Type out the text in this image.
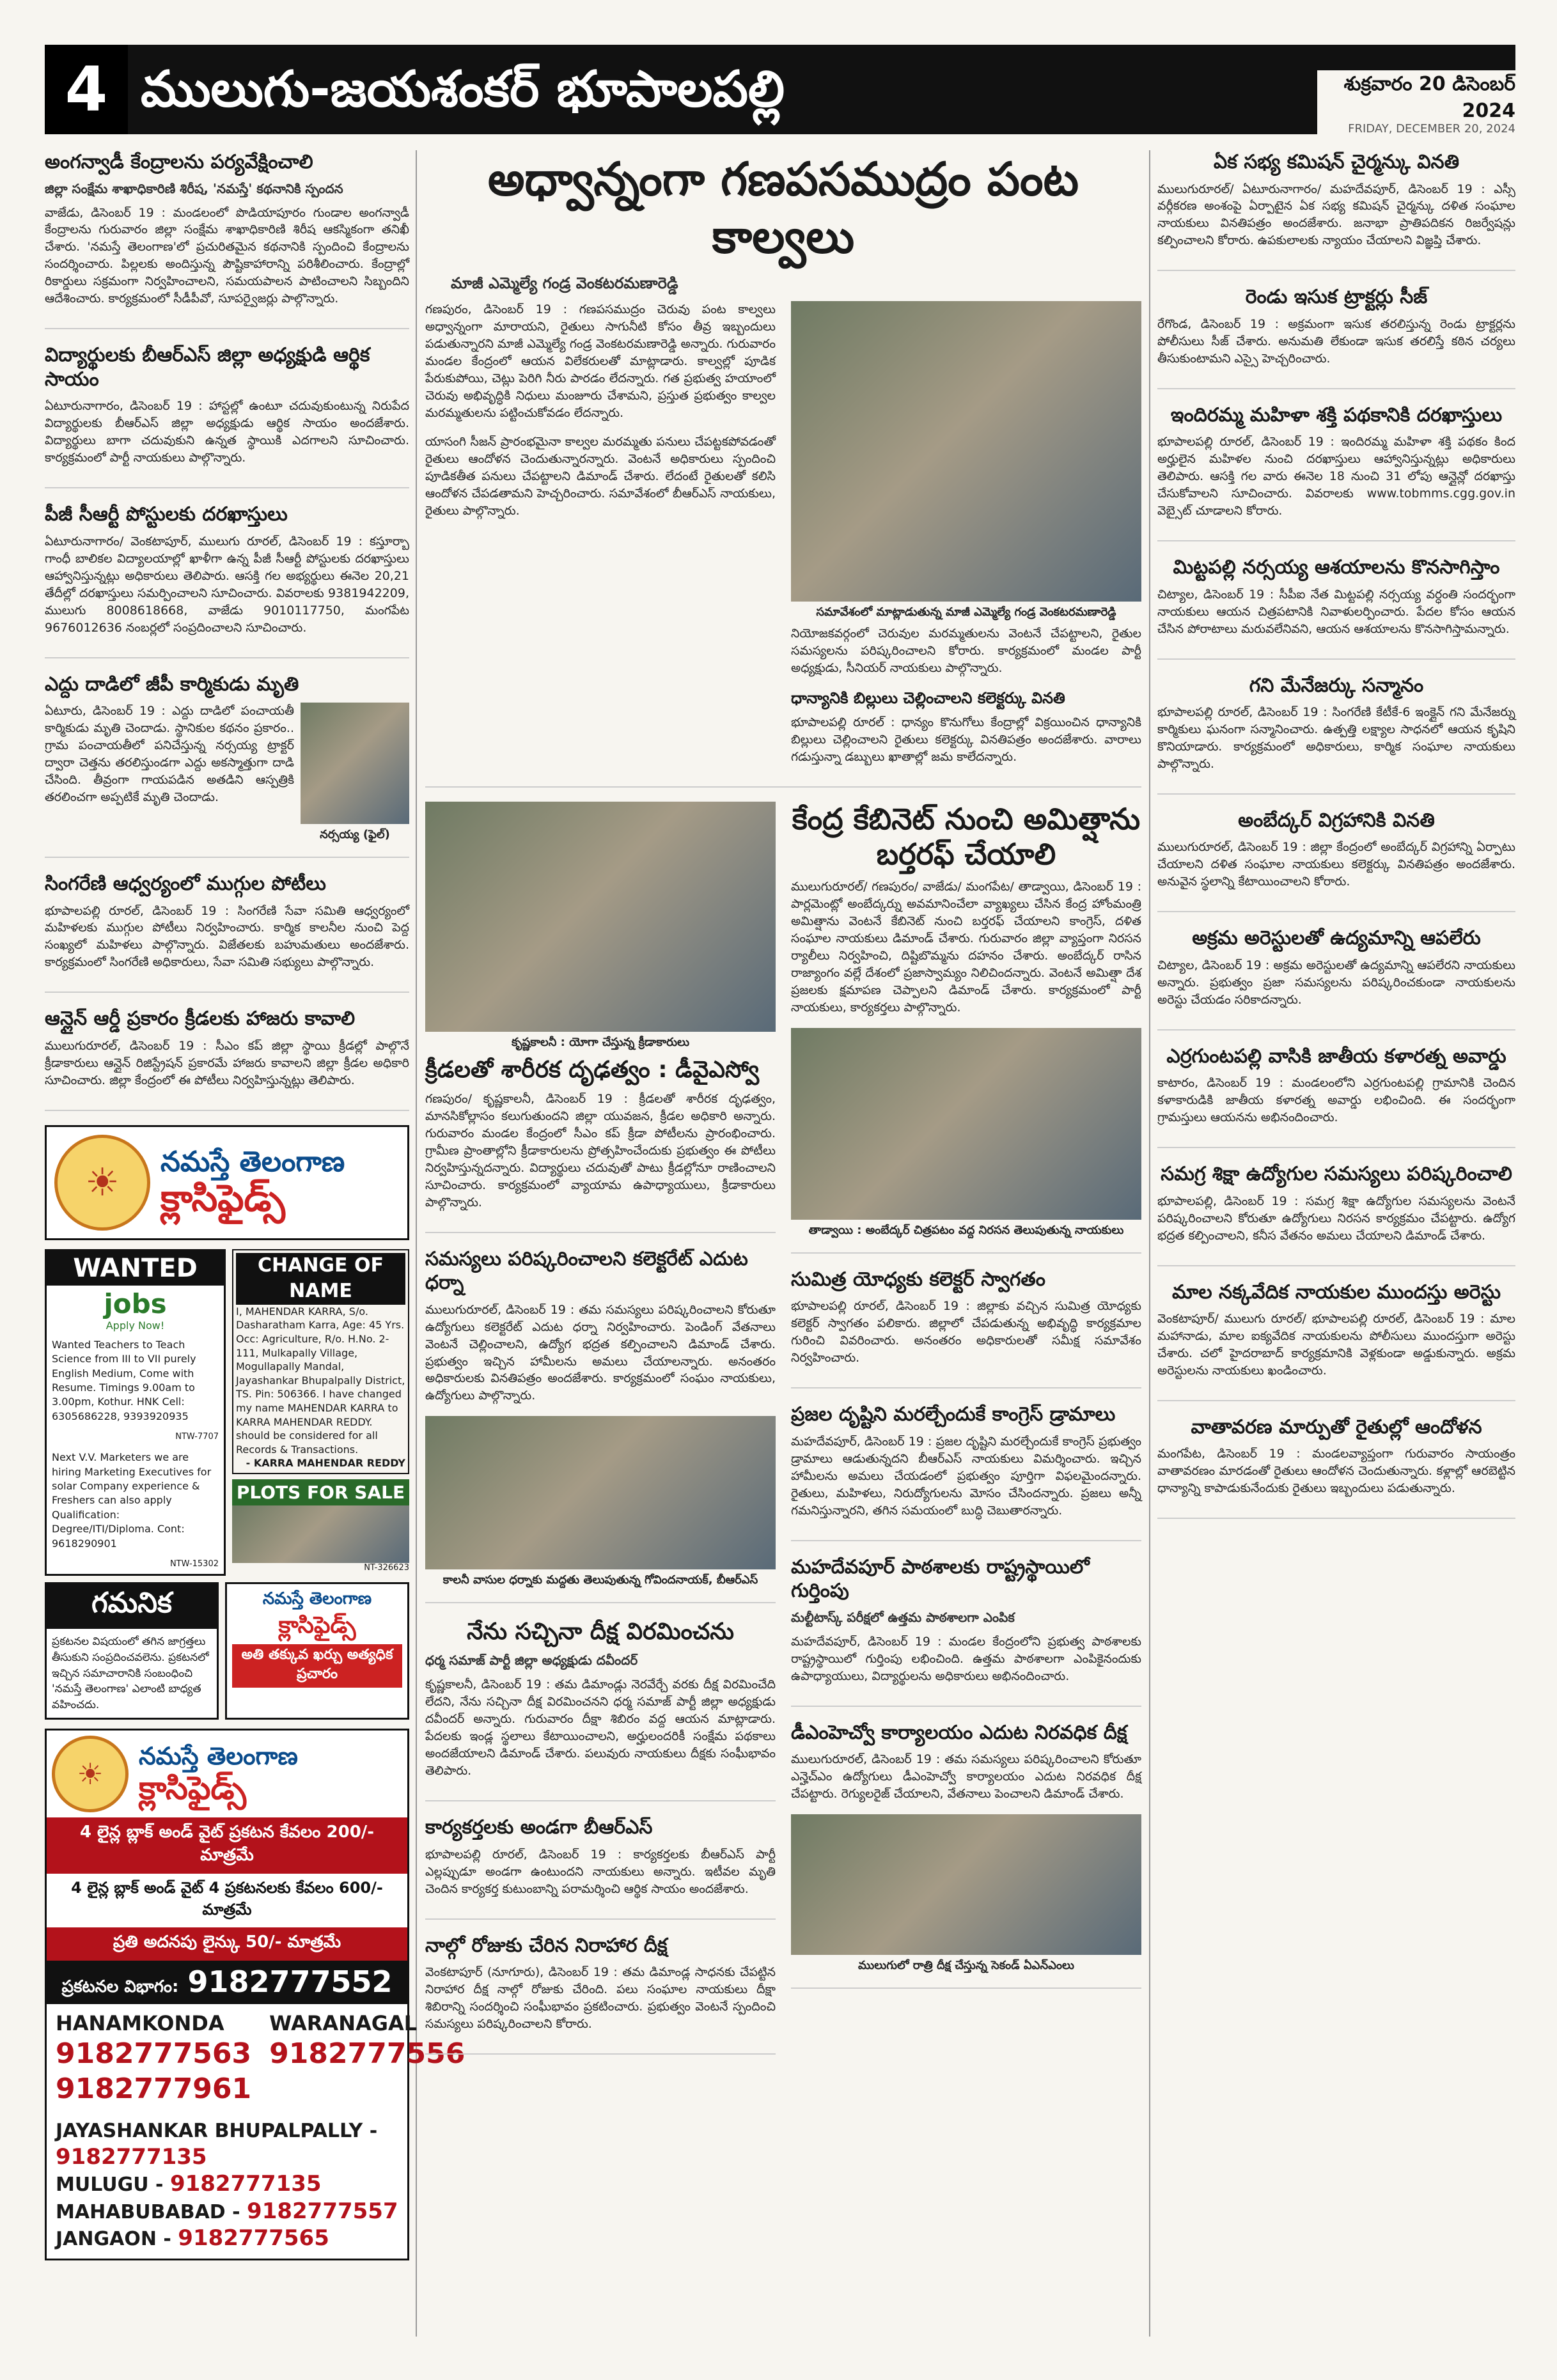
4 ములుగు-జయశంకర్ భూపాలపల్లి	శుక్రవారం 20 డిసెంబర్ 2024
FRIDAY, DECEMBER 20, 2024
అంగన్వాడీ కేంద్రాలను పర్యవేక్షించాలి
జిల్లా సంక్షేమ శాఖాధికారిణి శిరీష, 'నమస్తే' కథనానికి స్పందన

వాజేడు, డిసెంబర్ 19 : మండలంలో పొడియాపూరం గుండాల అంగన్వాడీ కేంద్రాలను గురువారం జిల్లా సంక్షేమ శాఖాధికారిణి శిరీష ఆకస్మికంగా తనిఖీ చేశారు. 'నమస్తే తెలంగాణ'లో ప్రచురితమైన కథనానికి స్పందించి కేంద్రాలను సందర్శించారు. పిల్లలకు అందిస్తున్న పౌష్టికాహారాన్ని పరిశీలించారు. కేంద్రాల్లో రికార్డులు సక్రమంగా నిర్వహించాలని, సమయపాలన పాటించాలని సిబ్బందిని ఆదేశించారు. కార్యక్రమంలో సీడీపీవో, సూపర్వైజర్లు పాల్గొన్నారు.

విద్యార్థులకు బీఆర్ఎస్ జిల్లా అధ్యక్షుడి ఆర్థిక సాయం

ఏటూరునాగారం, డిసెంబర్ 19 : హాస్టల్లో ఉంటూ చదువుకుంటున్న నిరుపేద విద్యార్థులకు బీఆర్ఎస్ జిల్లా అధ్యక్షుడు ఆర్థిక సాయం అందజేశారు. విద్యార్థులు బాగా చదువుకుని ఉన్నత స్థాయికి ఎదగాలని సూచించారు. కార్యక్రమంలో పార్టీ నాయకులు పాల్గొన్నారు.

పీజీ సీఆర్టీ పోస్టులకు దరఖాస్తులు

ఏటూరునాగారం/ వెంకటాపూర్, ములుగు రూరల్, డిసెంబర్ 19 : కస్తూర్బా గాంధీ బాలికల విద్యాలయాల్లో ఖాళీగా ఉన్న పీజీ సీఆర్టీ పోస్టులకు దరఖాస్తులు ఆహ్వానిస్తున్నట్లు అధికారులు తెలిపారు. ఆసక్తి గల అభ్యర్థులు ఈనెల 20,21 తేదీల్లో దరఖాస్తులు సమర్పించాలని సూచించారు. వివరాలకు 9381942209, ములుగు 8008618668, వాజేడు 9010117750, మంగపేట 9676012636 నంబర్లలో సంప్రదించాలని సూచించారు.

ఎద్దు దాడిలో జీపీ కార్మికుడు మృతి

ఏటూరు, డిసెంబర్ 19 : ఎద్దు దాడిలో పంచాయతీ కార్మికుడు మృతి చెందాడు. స్థానికుల కథనం ప్రకారం.. గ్రామ పంచాయతీలో పనిచేస్తున్న నర్సయ్య ట్రాక్టర్ ద్వారా చెత్తను తరలిస్తుండగా ఎద్దు అకస్మాత్తుగా దాడి చేసింది. తీవ్రంగా గాయపడిన అతడిని ఆస్పత్రికి తరలించగా అప్పటికే మృతి చెందాడు.

నర్సయ్య (ఫైల్)
సింగరేణి ఆధ్వర్యంలో ముగ్గుల పోటీలు

భూపాలపల్లి రూరల్, డిసెంబర్ 19 : సింగరేణి సేవా సమితి ఆధ్వర్యంలో మహిళలకు ముగ్గుల పోటీలు నిర్వహించారు. కార్మిక కాలనీల నుంచి పెద్ద సంఖ్యలో మహిళలు పాల్గొన్నారు. విజేతలకు బహుమతులు అందజేశారు. కార్యక్రమంలో సింగరేణి అధికారులు, సేవా సమితి సభ్యులు పాల్గొన్నారు.

ఆన్లైన్ ఆర్డీ ప్రకారం క్రీడలకు హాజరు కావాలి

ములుగురూరల్, డిసెంబర్ 19 : సీఎం కప్ జిల్లా స్థాయి క్రీడల్లో పాల్గొనే క్రీడాకారులు ఆన్లైన్ రిజిస్ట్రేషన్ ప్రకారమే హాజరు కావాలని జిల్లా క్రీడల అధికారి సూచించారు. జిల్లా కేంద్రంలో ఈ పోటీలు నిర్వహిస్తున్నట్లు తెలిపారు.

☀	నమస్తే తెలంగాణ
క్లాసిఫైడ్స్
WANTED
jobs
Apply Now!
Wanted Teachers to Teach Science from III to VII purely English Medium, Come with Resume. Timings 9.00am to 3.00pm, Kothur. HNK Cell: 6305686228, 9393920935
NTW-7707
Next V.V. Marketers we are hiring Marketing Executives for solar Company experience & Freshers can also apply Qualification: Degree/ITI/Diploma. Cont: 9618290901
NTW-15302
CHANGE OF NAME
I, MAHENDAR KARRA, S/o. Dasharatham Karra, Age: 45 Yrs. Occ: Agriculture, R/o. H.No. 2-111, Mulkapally Village, Mogullapally Mandal, Jayashankar Bhupalpally District, TS. Pin: 506366. I have changed my name MAHENDAR KARRA to KARRA MAHENDAR REDDY. should be considered for all Records & Transactions.
- KARRA MAHENDAR REDDY
PLOTS FOR SALE
NT-326623
గమనిక
ప్రకటనల విషయంలో తగిన జాగ్రత్తలు తీసుకుని సంప్రదించవలెను. ప్రకటనలో ఇచ్చిన సమాచారానికి సంబంధించి 'నమస్తే తెలంగాణ' ఎలాంటి బాధ్యత వహించదు.
నమస్తే తెలంగాణ
క్లాసిఫైడ్స్
అతి తక్కువ ఖర్చు అత్యధిక ప్రచారం
☀
నమస్తే తెలంగాణ
క్లాసిఫైడ్స్
4 లైన్ల బ్లాక్ అండ్ వైట్ ప్రకటన కేవలం 200/- మాత్రమే
4 లైన్ల బ్లాక్ అండ్ వైట్ 4 ప్రకటనలకు కేవలం 600/- మాత్రమే
ప్రతి అదనపు లైన్కు 50/- మాత్రమే
ప్రకటనల విభాగం: 9182777552
HANAMKONDA
9182777563
9182777961
WARANAGAL
9182777556
JAYASHANKAR BHUPALPALLY - 9182777135
MULUGU - 9182777135
MAHABUBABAD - 9182777557
JANGAON - 9182777565
అధ్వాన్నంగా గణపసముద్రం పంట కాల్వలు
మాజీ ఎమ్మెల్యే గండ్ర వెంకటరమణారెడ్డి

గణపురం, డిసెంబర్ 19 : గణపసముద్రం చెరువు పంట కాల్వలు అధ్వాన్నంగా మారాయని, రైతులు సాగునీటి కోసం తీవ్ర ఇబ్బందులు పడుతున్నారని మాజీ ఎమ్మెల్యే గండ్ర వెంకటరమణారెడ్డి అన్నారు. గురువారం మండల కేంద్రంలో ఆయన విలేకరులతో మాట్లాడారు. కాల్వల్లో పూడిక పేరుకుపోయి, చెట్లు పెరిగి నీరు పారడం లేదన్నారు. గత ప్రభుత్వ హయాంలో చెరువు అభివృద్ధికి నిధులు మంజూరు చేశామని, ప్రస్తుత ప్రభుత్వం కాల్వల మరమ్మతులను పట్టించుకోవడం లేదన్నారు.

యాసంగి సీజన్ ప్రారంభమైనా కాల్వల మరమ్మతు పనులు చేపట్టకపోవడంతో రైతులు ఆందోళన చెందుతున్నారన్నారు. వెంటనే అధికారులు స్పందించి పూడికతీత పనులు చేపట్టాలని డిమాండ్ చేశారు. లేదంటే రైతులతో కలిసి ఆందోళన చేపడతామని హెచ్చరించారు. సమావేశంలో బీఆర్ఎస్ నాయకులు, రైతులు పాల్గొన్నారు.

సమావేశంలో మాట్లాడుతున్న మాజీ ఎమ్మెల్యే గండ్ర వెంకటరమణారెడ్డి

నియోజకవర్గంలో చెరువుల మరమ్మతులను వెంటనే చేపట్టాలని, రైతుల సమస్యలను పరిష్కరించాలని కోరారు. కార్యక్రమంలో మండల పార్టీ అధ్యక్షుడు, సీనియర్ నాయకులు పాల్గొన్నారు.

ధాన్యానికి బిల్లులు చెల్లించాలని కలెక్టర్కు వినతి

భూపాలపల్లి రూరల్ : ధాన్యం కొనుగోలు కేంద్రాల్లో విక్రయించిన ధాన్యానికి బిల్లులు చెల్లించాలని రైతులు కలెక్టర్కు వినతిపత్రం అందజేశారు. వారాలు గడుస్తున్నా డబ్బులు ఖాతాల్లో జమ కాలేదన్నారు.

కృష్ణకాలనీ : యోగా చేస్తున్న క్రీడాకారులు
క్రీడలతో శారీరక దృఢత్వం : డీవైఎస్వో

గణపురం/ కృష్ణకాలనీ, డిసెంబర్ 19 : క్రీడలతో శారీరక దృఢత్వం, మానసికోల్లాసం కలుగుతుందని జిల్లా యువజన, క్రీడల అధికారి అన్నారు. గురువారం మండల కేంద్రంలో సీఎం కప్ క్రీడా పోటీలను ప్రారంభించారు. గ్రామీణ ప్రాంతాల్లోని క్రీడాకారులను ప్రోత్సహించేందుకు ప్రభుత్వం ఈ పోటీలు నిర్వహిస్తున్నదన్నారు. విద్యార్థులు చదువుతో పాటు క్రీడల్లోనూ రాణించాలని సూచించారు. కార్యక్రమంలో వ్యాయామ ఉపాధ్యాయులు, క్రీడాకారులు పాల్గొన్నారు.

సమస్యలు పరిష్కరించాలని కలెక్టరేట్ ఎదుట ధర్నా

ములుగురూరల్, డిసెంబర్ 19 : తమ సమస్యలు పరిష్కరించాలని కోరుతూ ఉద్యోగులు కలెక్టరేట్ ఎదుట ధర్నా నిర్వహించారు. పెండింగ్ వేతనాలు వెంటనే చెల్లించాలని, ఉద్యోగ భద్రత కల్పించాలని డిమాండ్ చేశారు. ప్రభుత్వం ఇచ్చిన హామీలను అమలు చేయాలన్నారు. అనంతరం అధికారులకు వినతిపత్రం అందజేశారు. కార్యక్రమంలో సంఘం నాయకులు, ఉద్యోగులు పాల్గొన్నారు.

కాలనీ వాసుల ధర్నాకు మద్దతు తెలుపుతున్న గోవిందనాయక్, బీఆర్ఎస్
నేను సచ్చినా దీక్ష విరమించను
ధర్మ సమాజ్ పార్టీ జిల్లా అధ్యక్షుడు దవీందర్

కృష్ణకాలనీ, డిసెంబర్ 19 : తమ డిమాండ్లు నెరవేర్చే వరకు దీక్ష విరమించేది లేదని, నేను సచ్చినా దీక్ష విరమించనని ధర్మ సమాజ్ పార్టీ జిల్లా అధ్యక్షుడు దవీందర్ అన్నారు. గురువారం దీక్షా శిబిరం వద్ద ఆయన మాట్లాడారు. పేదలకు ఇండ్ల స్థలాలు కేటాయించాలని, అర్హులందరికీ సంక్షేమ పథకాలు అందజేయాలని డిమాండ్ చేశారు. పలువురు నాయకులు దీక్షకు సంఘీభావం తెలిపారు.

కార్యకర్తలకు అండగా బీఆర్ఎస్

భూపాలపల్లి రూరల్, డిసెంబర్ 19 : కార్యకర్తలకు బీఆర్ఎస్ పార్టీ ఎల్లప్పుడూ అండగా ఉంటుందని నాయకులు అన్నారు. ఇటీవల మృతి చెందిన కార్యకర్త కుటుంబాన్ని పరామర్శించి ఆర్థిక సాయం అందజేశారు.

నాల్గో రోజుకు చేరిన నిరాహార దీక్ష

వెంకటాపూర్ (నూగూరు), డిసెంబర్ 19 : తమ డిమాండ్ల సాధనకు చేపట్టిన నిరాహార దీక్ష నాల్గో రోజుకు చేరింది. పలు సంఘాల నాయకులు దీక్షా శిబిరాన్ని సందర్శించి సంఘీభావం ప్రకటించారు. ప్రభుత్వం వెంటనే స్పందించి సమస్యలు పరిష్కరించాలని కోరారు.

కేంద్ర కేబినెట్ నుంచి అమిత్షాను బర్తరఫ్ చేయాలి

ములుగురూరల్/ గణపురం/ వాజేడు/ మంగపేట/ తాడ్వాయి, డిసెంబర్ 19 : పార్లమెంట్లో అంబేద్కర్ను అవమానించేలా వ్యాఖ్యలు చేసిన కేంద్ర హోంమంత్రి అమిత్షాను వెంటనే కేబినెట్ నుంచి బర్తరఫ్ చేయాలని కాంగ్రెస్, దళిత సంఘాల నాయకులు డిమాండ్ చేశారు. గురువారం జిల్లా వ్యాప్తంగా నిరసన ర్యాలీలు నిర్వహించి, దిష్టిబొమ్మను దహనం చేశారు. అంబేద్కర్ రాసిన రాజ్యాంగం వల్లే దేశంలో ప్రజాస్వామ్యం నిలిచిందన్నారు. వెంటనే అమిత్షా దేశ ప్రజలకు క్షమాపణ చెప్పాలని డిమాండ్ చేశారు. కార్యక్రమంలో పార్టీ నాయకులు, కార్యకర్తలు పాల్గొన్నారు.

తాడ్వాయి : అంబేద్కర్ చిత్రపటం వద్ద నిరసన తెలుపుతున్న నాయకులు
సుమిత్ర యోధ్యకు కలెక్టర్ స్వాగతం

భూపాలపల్లి రూరల్, డిసెంబర్ 19 : జిల్లాకు వచ్చిన సుమిత్ర యోధ్యకు కలెక్టర్ స్వాగతం పలికారు. జిల్లాలో చేపడుతున్న అభివృద్ధి కార్యక్రమాల గురించి వివరించారు. అనంతరం అధికారులతో సమీక్ష సమావేశం నిర్వహించారు.

ప్రజల దృష్టిని మరల్చేందుకే కాంగ్రెస్ డ్రామాలు

మహదేవపూర్, డిసెంబర్ 19 : ప్రజల దృష్టిని మరల్చేందుకే కాంగ్రెస్ ప్రభుత్వం డ్రామాలు ఆడుతున్నదని బీఆర్ఎస్ నాయకులు విమర్శించారు. ఇచ్చిన హామీలను అమలు చేయడంలో ప్రభుత్వం పూర్తిగా విఫలమైందన్నారు. రైతులు, మహిళలు, నిరుద్యోగులను మోసం చేసిందన్నారు. ప్రజలు అన్నీ గమనిస్తున్నారని, తగిన సమయంలో బుద్ధి చెబుతారన్నారు.

మహదేవపూర్ పాఠశాలకు రాష్ట్రస్థాయిలో గుర్తింపు
మల్టీటాస్క్ పరీక్షలో ఉత్తమ పాఠశాలగా ఎంపిక

మహదేవపూర్, డిసెంబర్ 19 : మండల కేంద్రంలోని ప్రభుత్వ పాఠశాలకు రాష్ట్రస్థాయిలో గుర్తింపు లభించింది. ఉత్తమ పాఠశాలగా ఎంపికైనందుకు ఉపాధ్యాయులు, విద్యార్థులను అధికారులు అభినందించారు.

డీఎంహెచ్వో కార్యాలయం ఎదుట నిరవధిక దీక్ష

ములుగురూరల్, డిసెంబర్ 19 : తమ సమస్యలు పరిష్కరించాలని కోరుతూ ఎన్హెచ్ఎం ఉద్యోగులు డీఎంహెచ్వో కార్యాలయం ఎదుట నిరవధిక దీక్ష చేపట్టారు. రెగ్యులరైజ్ చేయాలని, వేతనాలు పెంచాలని డిమాండ్ చేశారు.

ములుగులో రాత్రి దీక్ష చేస్తున్న సెకండ్ ఏఎన్ఎంలు
ఏక సభ్య కమిషన్ చైర్మన్కు వినతి

ములుగురూరల్/ ఏటూరునాగారం/ మహదేవపూర్, డిసెంబర్ 19 : ఎస్సీ వర్గీకరణ అంశంపై ఏర్పాటైన ఏక సభ్య కమిషన్ చైర్మన్కు దళిత సంఘాల నాయకులు వినతిపత్రం అందజేశారు. జనాభా ప్రాతిపదికన రిజర్వేషన్లు కల్పించాలని కోరారు. ఉపకులాలకు న్యాయం చేయాలని విజ్ఞప్తి చేశారు.

రెండు ఇసుక ట్రాక్టర్లు సీజ్

రేగొండ, డిసెంబర్ 19 : అక్రమంగా ఇసుక తరలిస్తున్న రెండు ట్రాక్టర్లను పోలీసులు సీజ్ చేశారు. అనుమతి లేకుండా ఇసుక తరలిస్తే కఠిన చర్యలు తీసుకుంటామని ఎస్సై హెచ్చరించారు.

ఇందిరమ్మ మహిళా శక్తి పథకానికి దరఖాస్తులు

భూపాలపల్లి రూరల్, డిసెంబర్ 19 : ఇందిరమ్మ మహిళా శక్తి పథకం కింద అర్హులైన మహిళల నుంచి దరఖాస్తులు ఆహ్వానిస్తున్నట్లు అధికారులు తెలిపారు. ఆసక్తి గల వారు ఈనెల 18 నుంచి 31 లోపు ఆన్లైన్లో దరఖాస్తు చేసుకోవాలని సూచించారు. వివరాలకు www.tobmms.cgg.gov.in వెబ్సైట్ చూడాలని కోరారు.

మిట్టపల్లి నర్సయ్య ఆశయాలను కొనసాగిస్తాం

చిట్యాల, డిసెంబర్ 19 : సీపీఐ నేత మిట్టపల్లి నర్సయ్య వర్ధంతి సందర్భంగా నాయకులు ఆయన చిత్రపటానికి నివాళులర్పించారు. పేదల కోసం ఆయన చేసిన పోరాటాలు మరువలేనివని, ఆయన ఆశయాలను కొనసాగిస్తామన్నారు.

గని మేనేజర్కు సన్మానం

భూపాలపల్లి రూరల్, డిసెంబర్ 19 : సింగరేణి కేటీకే-6 ఇంక్లైన్ గని మేనేజర్ను కార్మికులు ఘనంగా సన్మానించారు. ఉత్పత్తి లక్ష్యాల సాధనలో ఆయన కృషిని కొనియాడారు. కార్యక్రమంలో అధికారులు, కార్మిక సంఘాల నాయకులు పాల్గొన్నారు.

అంబేద్కర్ విగ్రహానికి వినతి

ములుగురూరల్, డిసెంబర్ 19 : జిల్లా కేంద్రంలో అంబేద్కర్ విగ్రహాన్ని ఏర్పాటు చేయాలని దళిత సంఘాల నాయకులు కలెక్టర్కు వినతిపత్రం అందజేశారు. అనువైన స్థలాన్ని కేటాయించాలని కోరారు.

అక్రమ అరెస్టులతో ఉద్యమాన్ని ఆపలేరు

చిట్యాల, డిసెంబర్ 19 : అక్రమ అరెస్టులతో ఉద్యమాన్ని ఆపలేరని నాయకులు అన్నారు. ప్రభుత్వం ప్రజా సమస్యలను పరిష్కరించకుండా నాయకులను అరెస్టు చేయడం సరికాదన్నారు.

ఎర్రగుంటపల్లి వాసికి జాతీయ కళారత్న అవార్డు

కాటారం, డిసెంబర్ 19 : మండలంలోని ఎర్రగుంటపల్లి గ్రామానికి చెందిన కళాకారుడికి జాతీయ కళారత్న అవార్డు లభించింది. ఈ సందర్భంగా గ్రామస్తులు ఆయనను అభినందించారు.

సమగ్ర శిక్షా ఉద్యోగుల సమస్యలు పరిష్కరించాలి

భూపాలపల్లి, డిసెంబర్ 19 : సమగ్ర శిక్షా ఉద్యోగుల సమస్యలను వెంటనే పరిష్కరించాలని కోరుతూ ఉద్యోగులు నిరసన కార్యక్రమం చేపట్టారు. ఉద్యోగ భద్రత కల్పించాలని, కనీస వేతనం అమలు చేయాలని డిమాండ్ చేశారు.

మాల నక్కవేదిక నాయకుల ముందస్తు అరెస్టు

వెంకటాపూర్/ ములుగు రూరల్/ భూపాలపల్లి రూరల్, డిసెంబర్ 19 : మాల మహానాడు, మాల ఐక్యవేదిక నాయకులను పోలీసులు ముందస్తుగా అరెస్టు చేశారు. చలో హైదరాబాద్ కార్యక్రమానికి వెళ్లకుండా అడ్డుకున్నారు. అక్రమ అరెస్టులను నాయకులు ఖండించారు.

వాతావరణ మార్పుతో రైతుల్లో ఆందోళన

మంగపేట, డిసెంబర్ 19 : మండలవ్యాప్తంగా గురువారం సాయంత్రం వాతావరణం మారడంతో రైతులు ఆందోళన చెందుతున్నారు. కళ్లాల్లో ఆరబెట్టిన ధాన్యాన్ని కాపాడుకునేందుకు రైతులు ఇబ్బందులు పడుతున్నారు.
